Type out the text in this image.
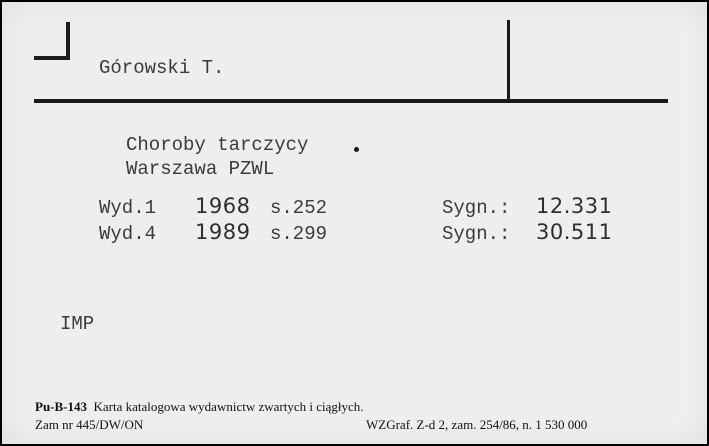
Górowski T.
Choroby tarczycy
Warszawa PZWL
Wyd.1 1968 s.252	Sygn.: 12.331
Wyd.4 1989 s.299	Sygn.: 30.511
IMP
Pu-B-143 Karta katalogowa wydawnictw zwartych i ciągłych.
Zam nr 445/DW/ON	WZGraf. Z-d 2, zam. 254/86, n. 1 530 000
